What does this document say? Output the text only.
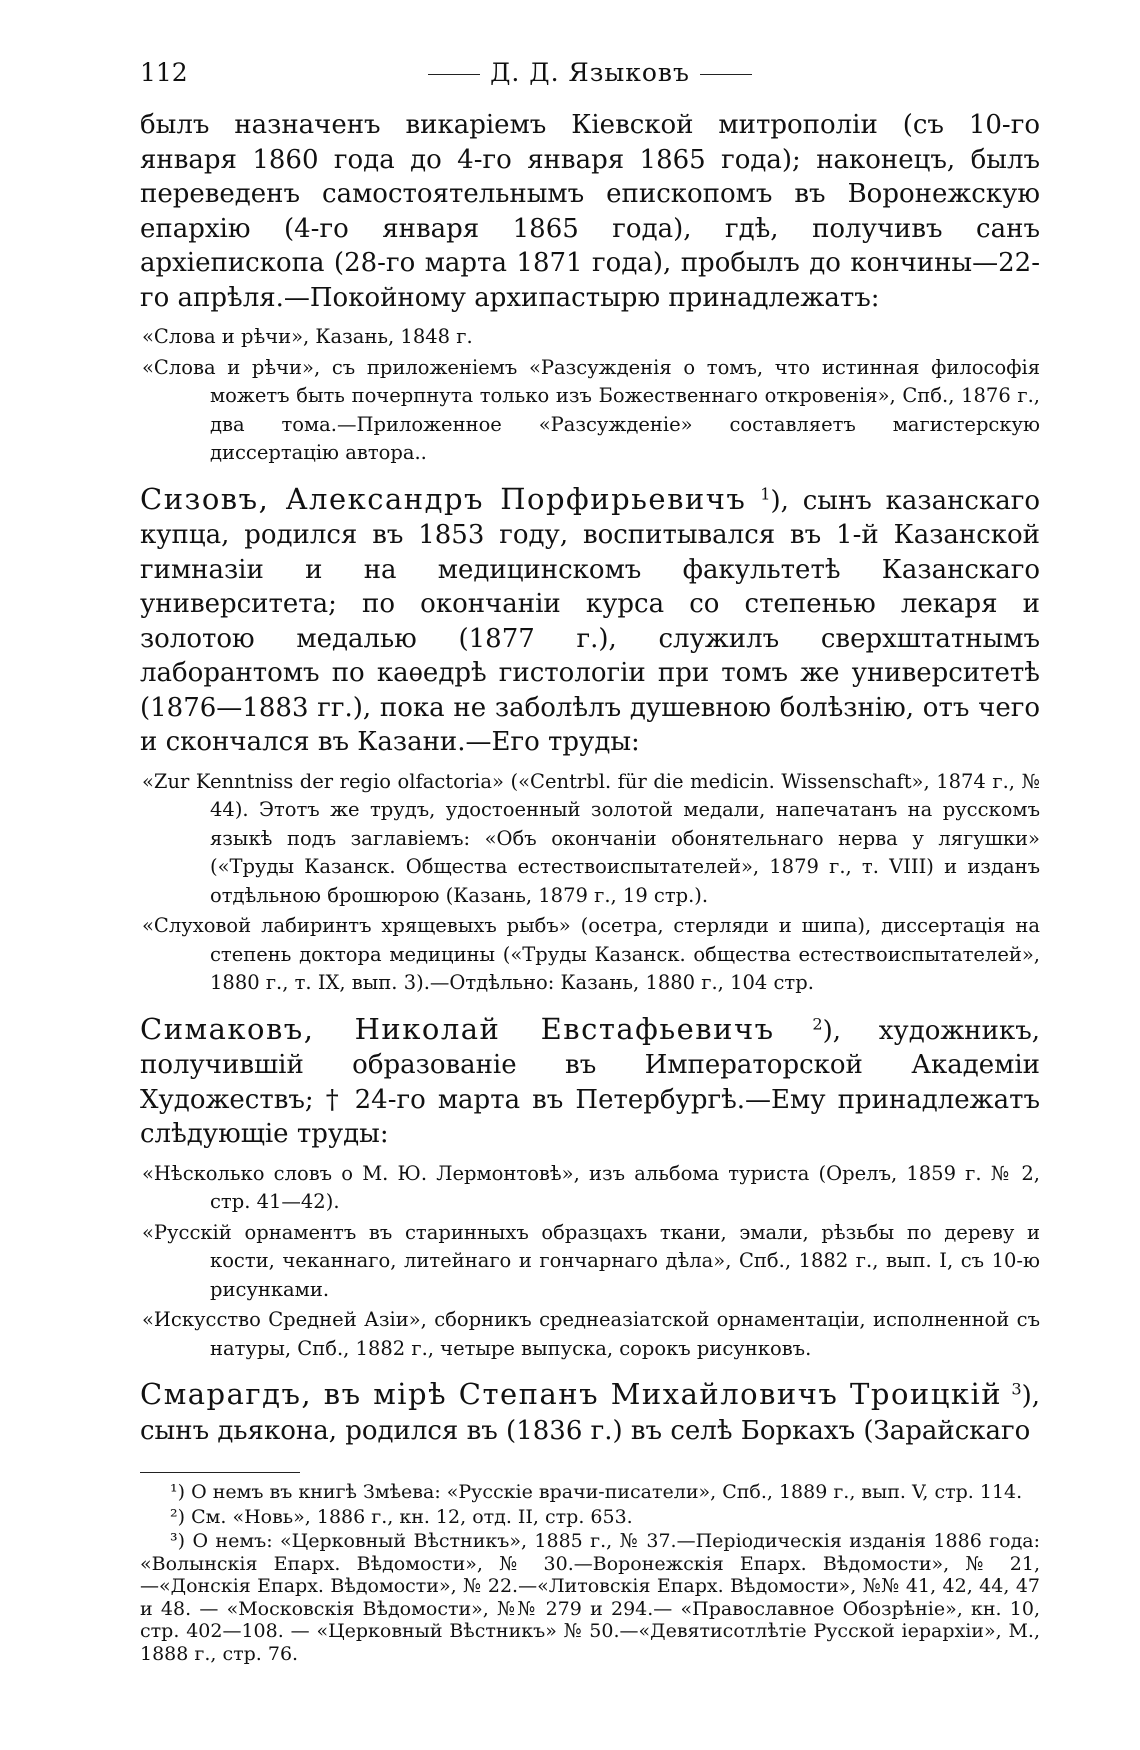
112	Д. Д. Языковъ

былъ назначенъ викаріемъ Кіевской митрополіи (съ 10-го января 1860 года до 4-го января 1865 года); наконецъ, былъ переведенъ самостоятельнымъ епископомъ въ Воронежскую епархію (4-го января 1865 года), гдѣ, получивъ санъ архіепископа (28-го марта 1871 года), пробылъ до кончины—22-го апрѣля.—Покойному архипастырю принадлежатъ:

«Слова и рѣчи», Казань, 1848 г.

«Слова и рѣчи», съ приложеніемъ «Разсужденія о томъ, что истинная философія можетъ быть почерпнута только изъ Божественнаго откровенія», Спб., 1876 г., два тома.—Приложенное «Разсужденіе» составляетъ магистерскую диссертацію автора..

Сизовъ, Александръ Порфирьевичъ $^1$), сынъ казанскаго купца, родился въ 1853 году, воспитывался въ 1-й Казанской гимназіи и на медицинскомъ факультетѣ Казанскаго университета; по окончаніи курса со степенью лекаря и золотою медалью (1877 г.), служилъ сверхштатнымъ лаборантомъ по каѳедрѣ гистологіи при томъ же университетѣ (1876—1883 гг.), пока не заболѣлъ душевною болѣзнію, отъ чего и скончался въ Казани.—Его труды:

«Zur Kenntniss der regio olfactoria» («Centrbl. für die medicin. Wissenschaft», 1874 г., № 44). Этотъ же трудъ, удостоенный золотой медали, напечатанъ на русскомъ языкѣ подъ заглавіемъ: «Объ окончаніи обонятельнаго нерва у лягушки» («Труды Казанск. Общества естествоиспытателей», 1879 г., т. VIII) и изданъ отдѣльною брошюрою (Казань, 1879 г., 19 стр.).

«Слуховой лабиринтъ хрящевыхъ рыбъ» (осетра, стерляди и шипа), диссертація на степень доктора медицины («Труды Казанск. общества естествоиспытателей», 1880 г., т. IX, вып. 3).—Отдѣльно: Казань, 1880 г., 104 стр.

Симаковъ, Николай Евстафьевичъ $^2$), художникъ, получившій образованіе въ Императорской Академіи Художествъ; † 24-го марта въ Петербургѣ.—Ему принадлежатъ слѣдующіе труды:

«Нѣсколько словъ о М. Ю. Лермонтовѣ», изъ альбома туриста (Орелъ, 1859 г. № 2, стр. 41—42).

«Русскій орнаментъ въ старинныхъ образцахъ ткани, эмали, рѣзьбы по дереву и кости, чеканнаго, литейнаго и гончарнаго дѣла», Спб., 1882 г., вып. I, съ 10-ю рисунками.

«Искусство Средней Азіи», сборникъ среднеазіатской орнаментаціи, исполненной съ натуры, Спб., 1882 г., четыре выпуска, сорокъ рисунковъ.

Смарагдъ, въ мірѣ Степанъ Михайловичъ Троицкій $^3$), сынъ дьякона, родился въ (1836 г.) въ селѣ Боркахъ (Зарайскаго

¹) О немъ въ книгѣ Змѣева: «Русскіе врачи-писатели», Спб., 1889 г., вып. V, стр. 114.

²) См. «Новь», 1886 г., кн. 12, отд. II, стр. 653.

³) О немъ: «Церковный Вѣстникъ», 1885 г., № 37.—Періодическія изданія 1886 года: «Волынскія Епарх. Вѣдомости», № 30.—Воронежскія Епарх. Вѣдомости», № 21,—«Донскія Епарх. Вѣдомости», № 22.—«Литовскія Епарх. Вѣдомости», №№ 41, 42, 44, 47 и 48. — «Московскія Вѣдомости», №№ 279 и 294.— «Православное Обозрѣніе», кн. 10, стр. 402—108. — «Церковный Вѣстникъ» № 50.—«Девятисотлѣтіе Русской іерархіи», М., 1888 г., стр. 76.
